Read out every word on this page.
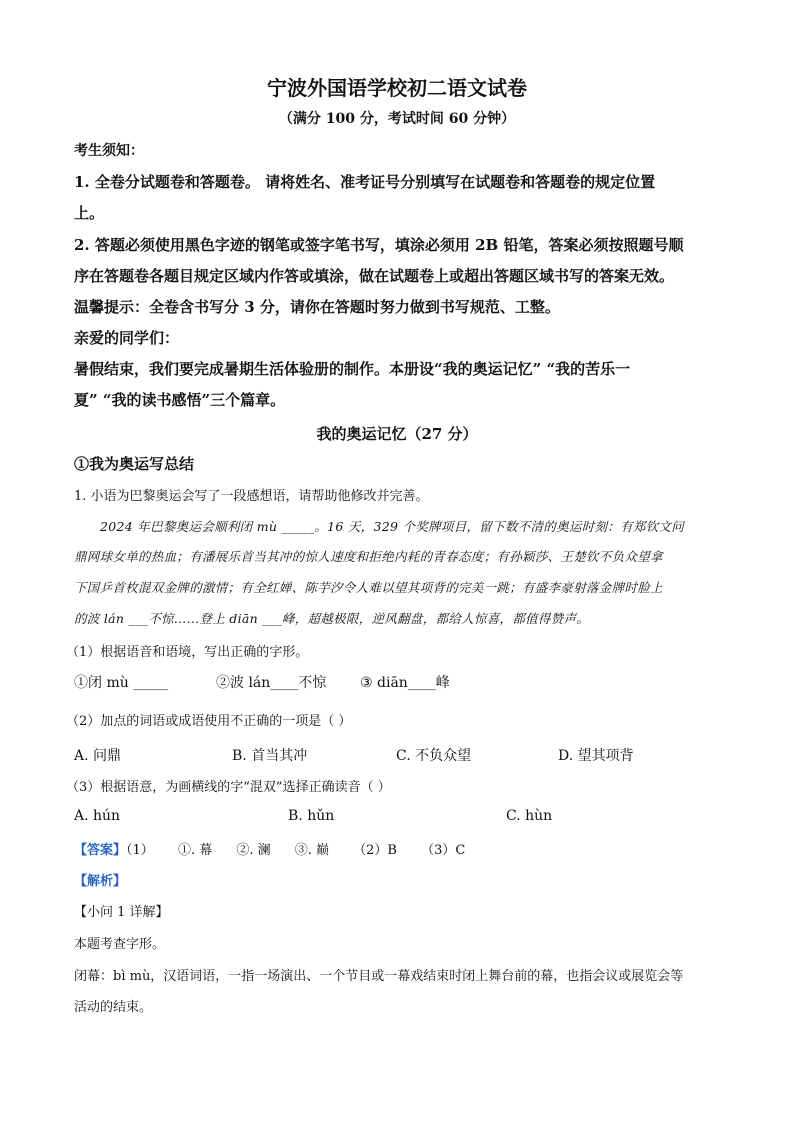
宁波外国语学校初二语文试卷
（满分 100 分，考试时间 60 分钟）
考生须知：
1. 全卷分试题卷和答题卷。 请将姓名、准考证号分别填写在试题卷和答题卷的规定位置
上。
2. 答题必须使用黑色字迹的钢笔或签字笔书写，填涂必须用 2B 铅笔，答案必须按照题号顺
序在答题卷各题目规定区域内作答或填涂，做在试题卷上或超出答题区域书写的答案无效。
温馨提示：全卷含书写分 3 分，请你在答题时努力做到书写规范、工整。
亲爱的同学们：
暑假结束，我们要完成暑期生活体验册的制作。本册设“我的奥运记忆” “我的苦乐一
夏” “我的读书感悟”三个篇章。
我的奥运记忆（27 分）
①我为奥运写总结
1. 小语为巴黎奥运会写了一段感想语，请帮助他修改并完善。
2024 年巴黎奥运会顺利闭 mù _____。16 天，329 个奖牌项目，留下数不清的奥运时刻：有郑钦文问
鼎网球女单的热血；有潘展乐首当其冲的惊人速度和拒绝内耗的青春态度；有孙颖莎、王楚钦不负众望拿
下国乒首枚混双金牌的激情；有全红婵、陈芋汐令人难以望其项背的完美一跳；有盛李豪射落金牌时脸上
的波 lán ___不惊……登上 diān ___峰，超越极限，逆风翻盘，都给人惊喜，都值得赞声。
（1）根据语音和语境，写出正确的字形。
①闭 mù _____	②波 lán____不惊 ③ diān____峰
（2）加点的词语或成语使用不正确的一项是（ ）
A. 问鼎	B. 首当其冲	C. 不负众望	D. 望其项背
（3）根据语意，为画横线的字“混双”选择正确读音（ ）
A. hún	B. hǔn	C. hùn
【答案】（1） ①. 幕 ②. 澜 ③. 巅 （2）B （3）C
【解析】
【小问 1 详解】
本题考查字形。
闭幕：bì mù，汉语词语，一指一场演出、一个节目或一幕戏结束时闭上舞台前的幕，也指会议或展览会等
活动的结束。
